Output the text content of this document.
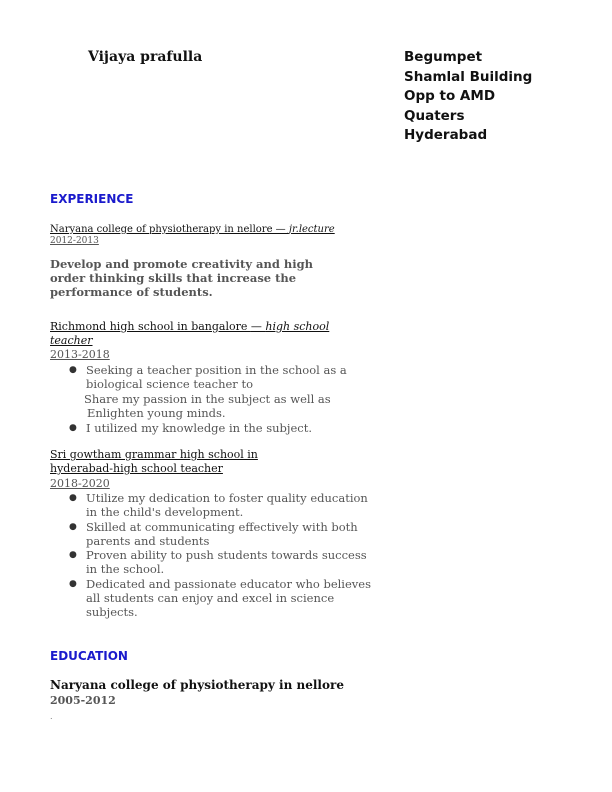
Vijaya prafulla	Begumpet
Shamlal Building
Opp to AMD
Quaters
Hyderabad
EXPERIENCE
Naryana college of physiotherapy in nellore — jr.lecture
2012-2013
Develop and promote creativity and high order thinking skills that increase the performance of students.
Richmond high school in bangalore — high school teacher
2013-2018
● Seeking a teacher position in the school as a biological science teacher to
Share my passion in the subject as well as
Enlighten young minds.
● I utilized my knowledge in the subject.
Sri gowtham grammar high school in hyderabad-high school teacher
2018-2020
● Utilize my dedication to foster quality education in the child's development.
● Skilled at communicating effectively with both parents and students
● Proven ability to push students towards success in the school.
● Dedicated and passionate educator who believes all students can enjoy and excel in science subjects.
EDUCATION
Naryana college of physiotherapy in nellore
2005-2012
.
